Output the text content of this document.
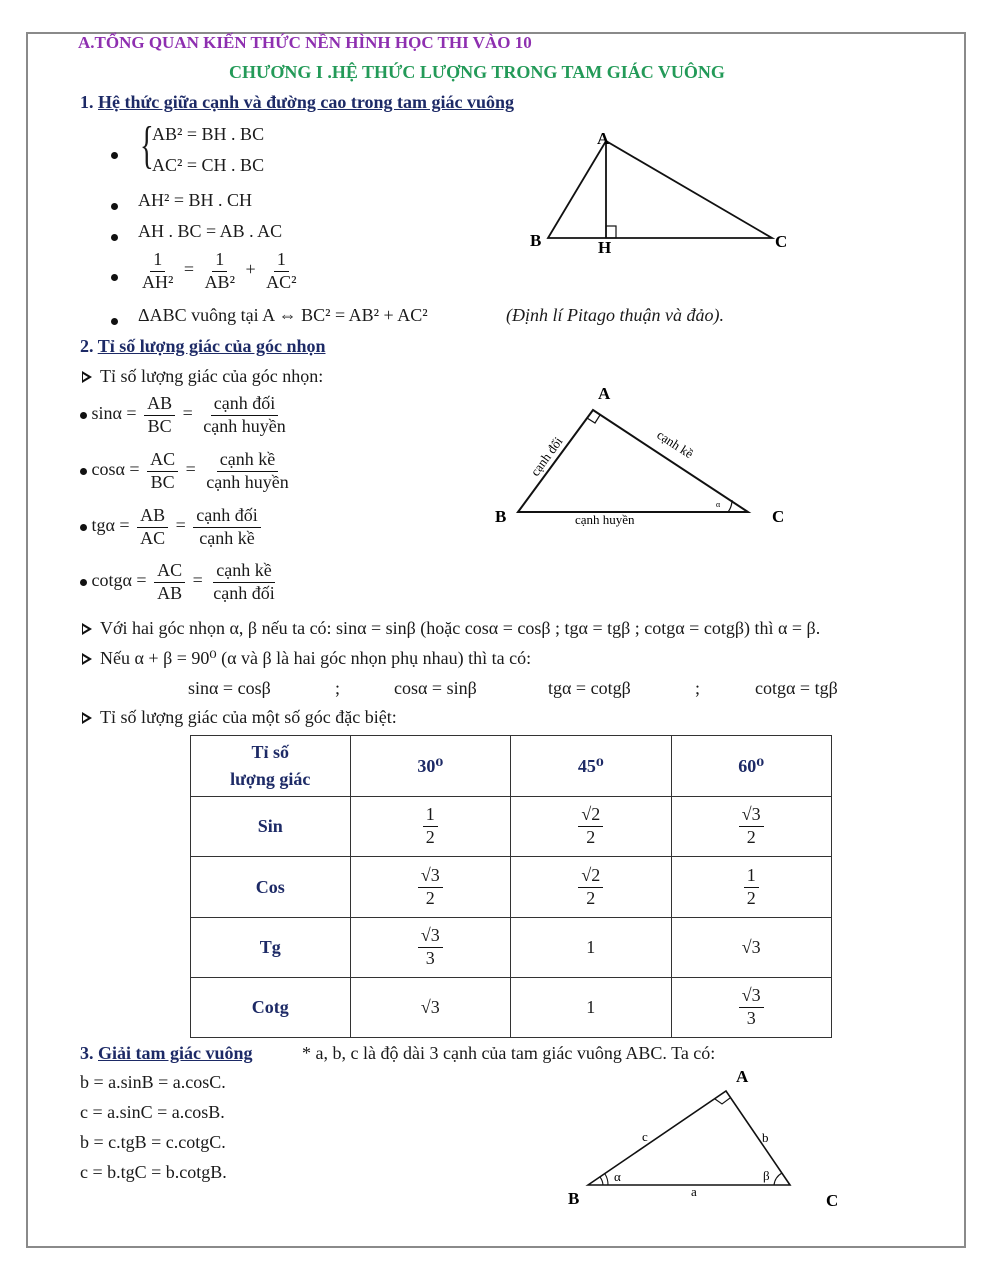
A.TỔNG QUAN KIẾN THỨC NỀN HÌNH HỌC THI VÀO 10
CHƯƠNG I .HỆ THỨC LƯỢNG TRONG TAM GIÁC VUÔNG
1. Hệ thức giữa cạnh và đường cao trong tam giác vuông
{
AB² = BH . BC
AC² = CH . BC
AH² = BH . CH
AH . BC = AB . AC
$\frac{1}{\text{AH²}} = \frac{1}{\text{AB²}} + \frac{1}{\text{AC²}}$
ΔABC vuông tại A ⇔ BC² = AB² + AC²	(Định lí Pitago thuận và đảo).
A
B	H	C
2. Tỉ số lượng giác của góc nhọn
Tỉ số lượng giác của góc nhọn:
$\sin\alpha = \frac{AB}{BC} = \frac{\text{cạnh đối}}{\text{cạnh huyền}}$
$\cos\alpha = \frac{AC}{BC} = \frac{\text{cạnh kề}}{\text{cạnh huyền}}$
$tg\alpha = \frac{AB}{AC} = \frac{\text{cạnh đối}}{\text{cạnh kề}}$
$\cot g\alpha = \frac{AC}{AB} = \frac{\text{cạnh kề}}{\text{cạnh đối}}$
α
A
B	C
cạnh đối	cạnh kề
cạnh huyền
Với hai góc nhọn α, β nếu ta có: sinα = sinβ (hoặc cosα = cosβ ; tgα = tgβ ; cotgα = cotgβ) thì α = β.
Nếu α + β = 90⁰ (α và β là hai góc nhọn phụ nhau) thì ta có:
sinα = cosβ	;	cosα = sinβ	tgα = cotgβ	;	cotgα = tgβ
Tỉ số lượng giác của một số góc đặc biệt:
Tỉ số
lượng giác	30⁰	45⁰	60⁰
Sin	$\frac{1}{2}$	$\frac{√2}{2}$	$\frac{√3}{2}$

Cos	$\frac{√3}{2}$	$\frac{√2}{2}$	$\frac{1}{2}$

Tg	$\frac{√3}{3}$	1	√3
Cotg	√3	1	$\frac{√3}{3}$
3. Giải tam giác vuông	* a, b, c là độ dài 3 cạnh của tam giác vuông ABC. Ta có:
b = a.sinB = a.cosC.
c = a.sinC = a.cosB.
b = c.tgB = c.cotgC.
c = b.tgC = b.cotgB.
A
B	C
c	b
a
α	β
